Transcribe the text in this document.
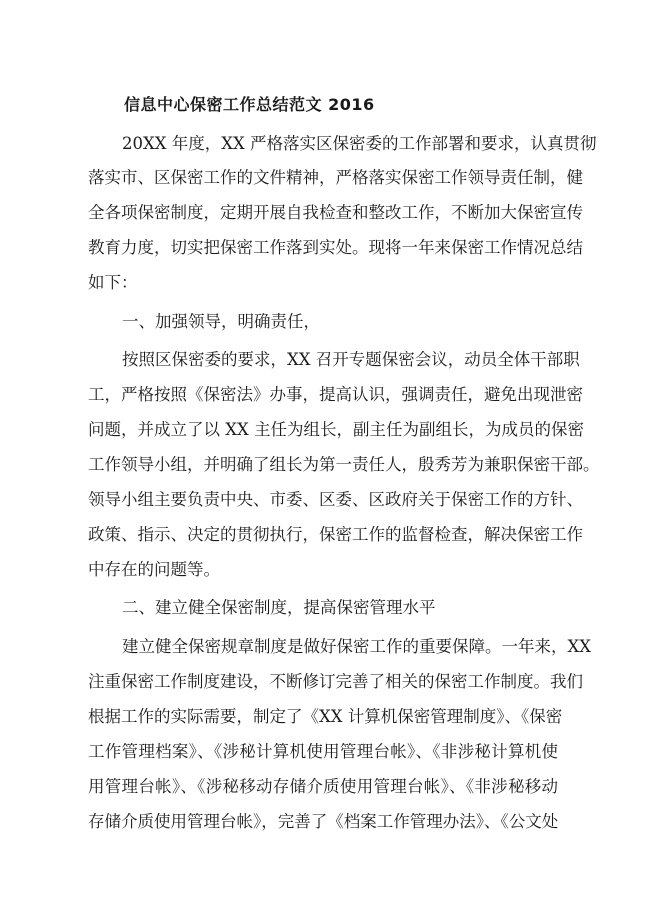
信息中心保密工作总结范文 2016
20XX 年度，XX 严格落实区保密委的工作部署和要求，认真贯彻
落实市、区保密工作的文件精神，严格落实保密工作领导责任制，健
全各项保密制度，定期开展自我检查和整改工作，不断加大保密宣传
教育力度，切实把保密工作落到实处。现将一年来保密工作情况总结
如下：
一、加强领导，明确责任，
按照区保密委的要求，XX 召开专题保密会议，动员全体干部职
工，严格按照《保密法》办事，提高认识，强调责任，避免出现泄密
问题，并成立了以 XX 主任为组长，副主任为副组长，为成员的保密
工作领导小组，并明确了组长为第一责任人，殷秀芳为兼职保密干部。
领导小组主要负责中央、市委、区委、区政府关于保密工作的方针、
政策、指示、决定的贯彻执行，保密工作的监督检查，解决保密工作
中存在的问题等。
二、建立健全保密制度，提高保密管理水平
建立健全保密规章制度是做好保密工作的重要保障。一年来，XX
注重保密工作制度建设，不断修订完善了相关的保密工作制度。我们
根据工作的实际需要，制定了《XX 计算机保密管理制度》、《保密
工作管理档案》、《涉秘计算机使用管理台帐》、《非涉秘计算机使
用管理台帐》、《涉秘移动存储介质使用管理台帐》、《非涉秘移动
存储介质使用管理台帐》，完善了《档案工作管理办法》、《公文处
